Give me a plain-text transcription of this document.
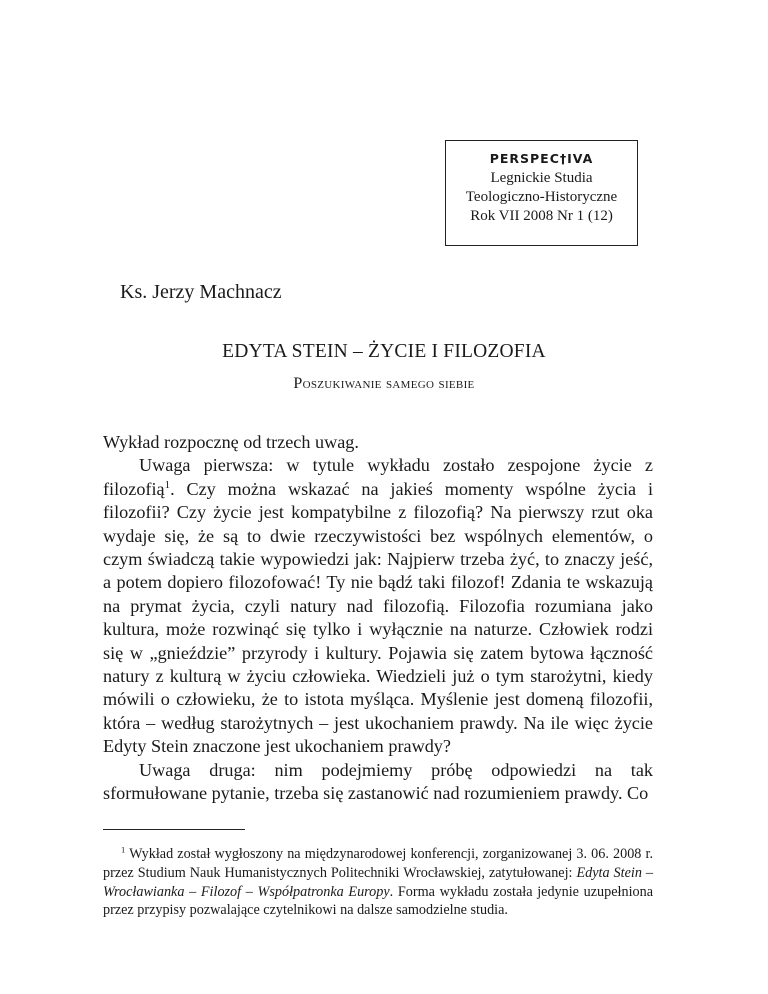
PERSPEC†IVA
Legnickie Studia
Teologiczno-Historyczne
Rok VII 2008 Nr 1 (12)
Ks. Jerzy Machnacz
EDYTA STEIN – ŻYCIE I FILOZOFIA
Poszukiwanie samego siebie

Wykład rozpocznę od trzech uwag.

Uwaga pierwsza: w tytule wykładu zostało zespojone życie z filozofią$^1$. Czy można wskazać na jakieś momenty wspólne życia i filozofii? Czy życie jest kompatybilne z filozofią? Na pierwszy rzut oka wydaje się, że są to dwie rzeczywistości bez wspólnych elementów, o czym świadczą takie wypowiedzi jak: Najpierw trzeba żyć, to znaczy jeść, a potem dopiero filozofować! Ty nie bądź taki filozof! Zdania te wskazują na prymat życia, czyli natury nad filozofią. Filozofia rozumiana jako kultura, może rozwinąć się tylko i wyłącznie na naturze. Człowiek rodzi się w „gnieździe” przyrody i kultury. Pojawia się zatem bytowa łączność natury z kulturą w życiu człowieka. Wiedzieli już o tym starożytni, kiedy mówili o człowieku, że to istota myśląca. Myślenie jest domeną filozofii, która – według starożytnych – jest ukochaniem prawdy. Na ile więc życie Edyty Stein znaczone jest ukochaniem prawdy?

Uwaga druga: nim podejmiemy próbę odpowiedzi na tak sformułowane pytanie, trzeba się zastanowić nad rozumieniem prawdy. Co

$^1$ Wykład został wygłoszony na międzynarodowej konferencji, zorganizowanej 3. 06. 2008 r. przez Studium Nauk Humanistycznych Politechniki Wrocławskiej, zatytułowanej: Edyta Stein – Wrocławianka – Filozof – Współpatronka Europy. Forma wykładu została jedynie uzupełniona przez przypisy pozwalające czytelnikowi na dalsze samodzielne studia.
